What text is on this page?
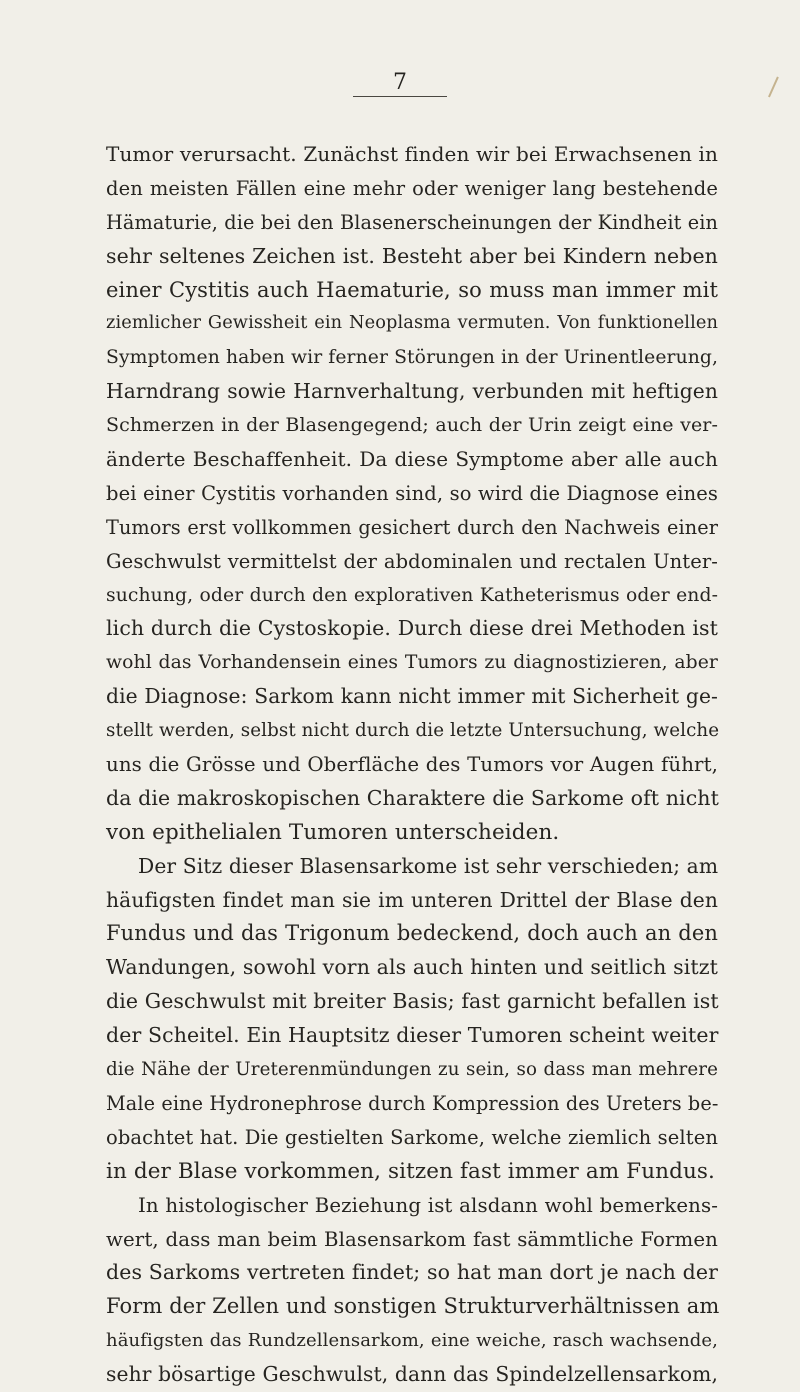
7
Tumor verursacht. Zunächst finden wir bei Erwachsenen in
den meisten Fällen eine mehr oder weniger lang bestehende
Hämaturie, die bei den Blasenerscheinungen der Kindheit ein
sehr seltenes Zeichen ist. Besteht aber bei Kindern neben
einer Cystitis auch Haematurie, so muss man immer mit
ziemlicher Gewissheit ein Neoplasma vermuten. Von funktionellen
Symptomen haben wir ferner Störungen in der Urinentleerung,
Harndrang sowie Harnverhaltung, verbunden mit heftigen
Schmerzen in der Blasengegend; auch der Urin zeigt eine ver-
änderte Beschaffenheit. Da diese Symptome aber alle auch
bei einer Cystitis vorhanden sind, so wird die Diagnose eines
Tumors erst vollkommen gesichert durch den Nachweis einer
Geschwulst vermittelst der abdominalen und rectalen Unter-
suchung, oder durch den explorativen Katheterismus oder end-
lich durch die Cystoskopie. Durch diese drei Methoden ist
wohl das Vorhandensein eines Tumors zu diagnostizieren, aber
die Diagnose: Sarkom kann nicht immer mit Sicherheit ge-
stellt werden, selbst nicht durch die letzte Untersuchung, welche
uns die Grösse und Oberfläche des Tumors vor Augen führt,
da die makroskopischen Charaktere die Sarkome oft nicht
von epithelialen Tumoren unterscheiden.
Der Sitz dieser Blasensarkome ist sehr verschieden; am
häufigsten findet man sie im unteren Drittel der Blase den
Fundus und das Trigonum bedeckend, doch auch an den
Wandungen, sowohl vorn als auch hinten und seitlich sitzt
die Geschwulst mit breiter Basis; fast garnicht befallen ist
der Scheitel. Ein Hauptsitz dieser Tumoren scheint weiter
die Nähe der Ureterenmündungen zu sein, so dass man mehrere
Male eine Hydronephrose durch Kompression des Ureters be-
obachtet hat. Die gestielten Sarkome, welche ziemlich selten
in der Blase vorkommen, sitzen fast immer am Fundus.
In histologischer Beziehung ist alsdann wohl bemerkens-
wert, dass man beim Blasensarkom fast sämmtliche Formen
des Sarkoms vertreten findet; so hat man dort je nach der
Form der Zellen und sonstigen Strukturverhältnissen am
häufigsten das Rundzellensarkom, eine weiche, rasch wachsende,
sehr bösartige Geschwulst, dann das Spindelzellensarkom,
